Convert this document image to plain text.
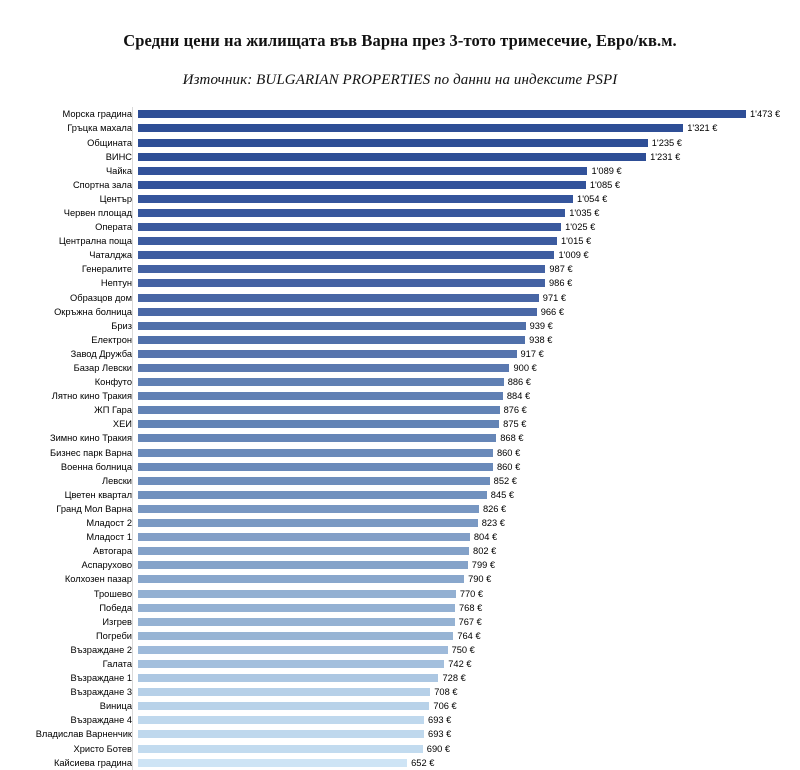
Средни цени на жилищата във Варна през 3-тото тримесечие, Евро/кв.м.
Източник: BULGARIAN PROPERTIES по данни на индексите PSPI
Морска градина	1'473 €
Гръцка махала	1'321 €
Общината	1'235 €
ВИНС	1'231 €
Чайка	1'089 €
Спортна зала	1'085 €
Център	1'054 €
Червен площад	1'035 €
Операта	1'025 €
Централна поща	1'015 €
Чаталджа	1'009 €
Генералите	987 €
Нептун	986 €
Образцов дом	971 €
Окръжна болница	966 €
Бриз	939 €
Електрон	938 €
Завод Дружба	917 €
Базар Левски	900 €
Конфуто	886 €
Лятно кино Тракия	884 €
ЖП Гара	876 €
ХЕИ	875 €
Зимно кино Тракия	868 €
Бизнес парк Варна	860 €
Военна болница	860 €
Левски	852 €
Цветен квартал	845 €
Гранд Мол Варна	826 €
Младост 2	823 €
Младост 1	804 €
Автогара	802 €
Аспарухово	799 €
Колхозен пазар	790 €
Трошево	770 €
Победа	768 €
Изгрев	767 €
Погреби	764 €
Възраждане 2	750 €
Галата	742 €
Възраждане 1	728 €
Възраждане 3	708 €
Виница	706 €
Възраждане 4	693 €
Владислав Варненчик	693 €
Христо Ботев	690 €
Кайсиева градина	652 €
